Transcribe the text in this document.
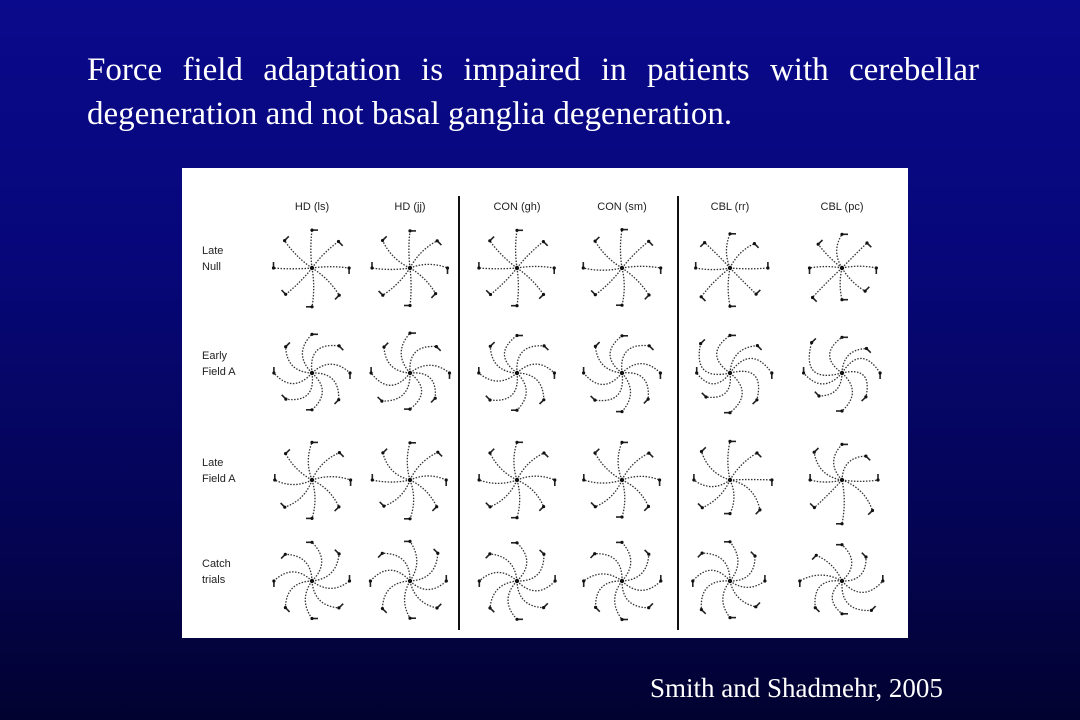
Force field adaptation is impaired in patients with cerebellar
degeneration and not basal ganglia degeneration.
HD (ls)	HD (jj)	CON (gh)	CON (sm)	CBL (rr)	CBL (pc)
Late
Null
Early
Field A
Late
Field A
Catch
trials

Smith and Shadmehr, 2005
